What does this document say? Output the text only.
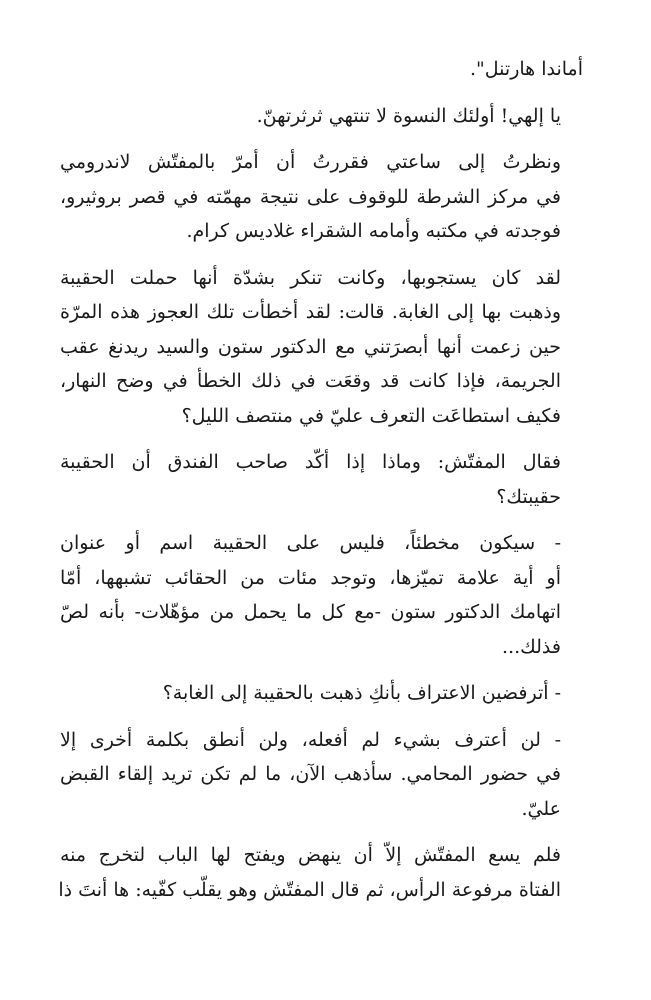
أماندا هارتنل".
يا إلهي! أولئك النسوة لا تنتهي ثرثرتهنّ.
ونظرتُ إلى ساعتي فقررتُ أن أمرّ بالمفتّش لاندرومي
في مركز الشرطة للوقوف على نتيجة مهمّته في قصر بروثيرو،
فوجدته في مكتبه وأمامه الشقراء غلاديس كرام.
لقد كان يستجوبها، وكانت تنكر بشدّة أنها حملت الحقيبة
وذهبت بها إلى الغابة. قالت: لقد أخطأت تلك العجوز هذه المرّة
حين زعمت أنها أبصرَتني مع الدكتور ستون والسيد ريدنغ عقب
الجريمة، فإذا كانت قد وقعَت في ذلك الخطأ في وضح النهار،
فكيف استطاعَت التعرف عليّ في منتصف الليل؟
فقال المفتّش: وماذا إذا أكّد صاحب الفندق أن الحقيبة
حقيبتك؟
- سيكون مخطئاً، فليس على الحقيبة اسم أو عنوان
أو أية علامة تميّزها، وتوجد مئات من الحقائب تشبهها، أمّا
اتهامك الدكتور ستون -مع كل ما يحمل من مؤهّلات- بأنه لصّ
فذلك...
- أترفضين الاعتراف بأنكِ ذهبت بالحقيبة إلى الغابة؟
- لن أعترف بشيء لم أفعله، ولن أنطق بكلمة أخرى إلا
في حضور المحامي. سأذهب الآن، ما لم تكن تريد إلقاء القبض
عليّ.
فلم يسع المفتّش إلاّ أن ينهض ويفتح لها الباب لتخرج منه
الفتاة مرفوعة الرأس، ثم قال المفتّش وهو يقلّب كفّيه: ها أنتَ ذا
